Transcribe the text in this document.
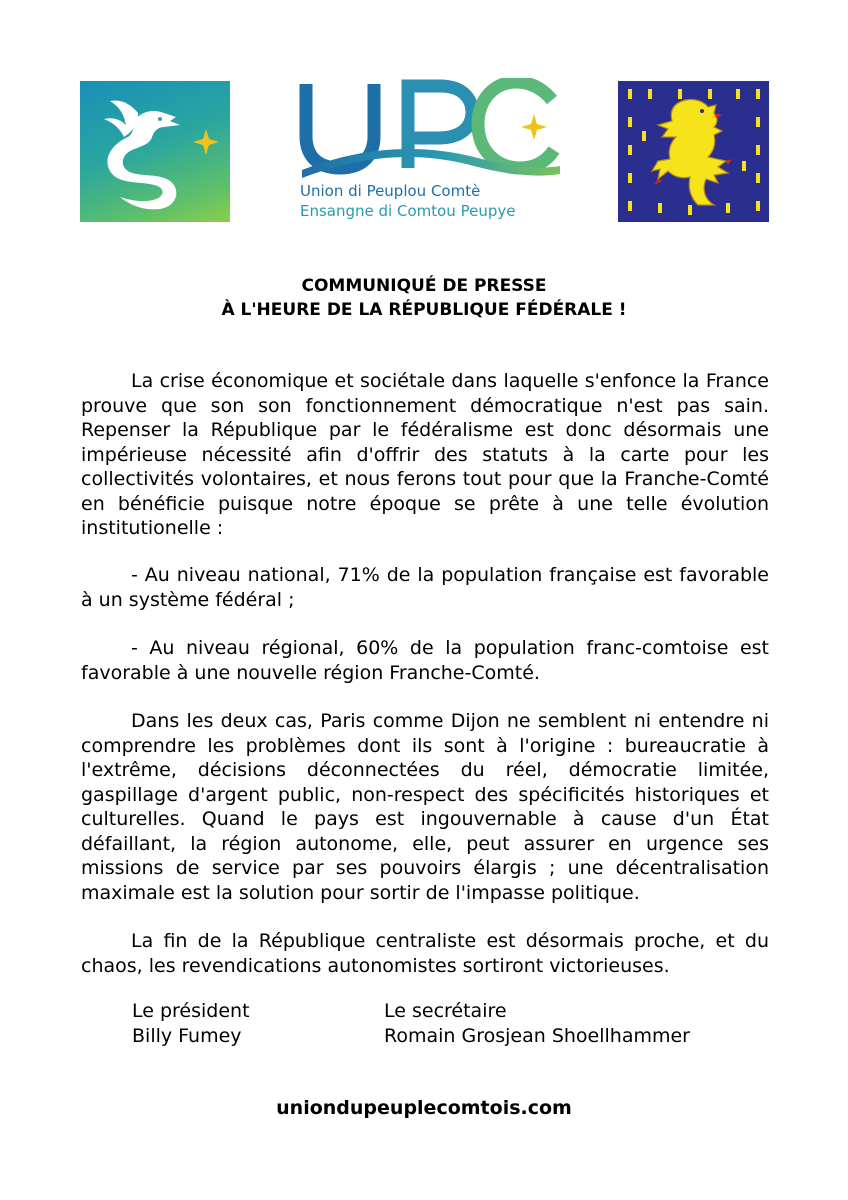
Union di Peuplou Comtè
Ensangne di Comtou Peupye
COMMUNIQUÉ DE PRESSE
À L'HEURE DE LA RÉPUBLIQUE FÉDÉRALE !

La crise économique et sociétale dans laquelle s'enfonce la France prouve que son son fonctionnement démocratique n'est pas sain. Repenser la République par le fédéralisme est donc désormais une impérieuse nécessité afin d'offrir des statuts à la carte pour les collectivités volontaires, et nous ferons tout pour que la Franche-Comté en bénéficie puisque notre époque se prête à une telle évolution institutionelle :

- Au niveau national, 71% de la population française est favorable à un système fédéral ;

- Au niveau régional, 60% de la population franc-comtoise est favorable à une nouvelle région Franche-Comté.

Dans les deux cas, Paris comme Dijon ne semblent ni entendre ni comprendre les problèmes dont ils sont à l'origine : bureaucratie à l'extrême, décisions déconnectées du réel, démocratie limitée, gaspillage d'argent public, non-respect des spécificités historiques et culturelles. Quand le pays est ingouvernable à cause d'un État défaillant, la région autonome, elle, peut assurer en urgence ses missions de service par ses pouvoirs élargis ; une décentralisation maximale est la solution pour sortir de l'impasse politique.

La fin de la République centraliste est désormais proche, et du chaos, les revendications autonomistes sortiront victorieuses.

Le président
Billy Fumey
Le secrétaire
Romain Grosjean Shoellhammer
uniondupeuplecomtois.com
